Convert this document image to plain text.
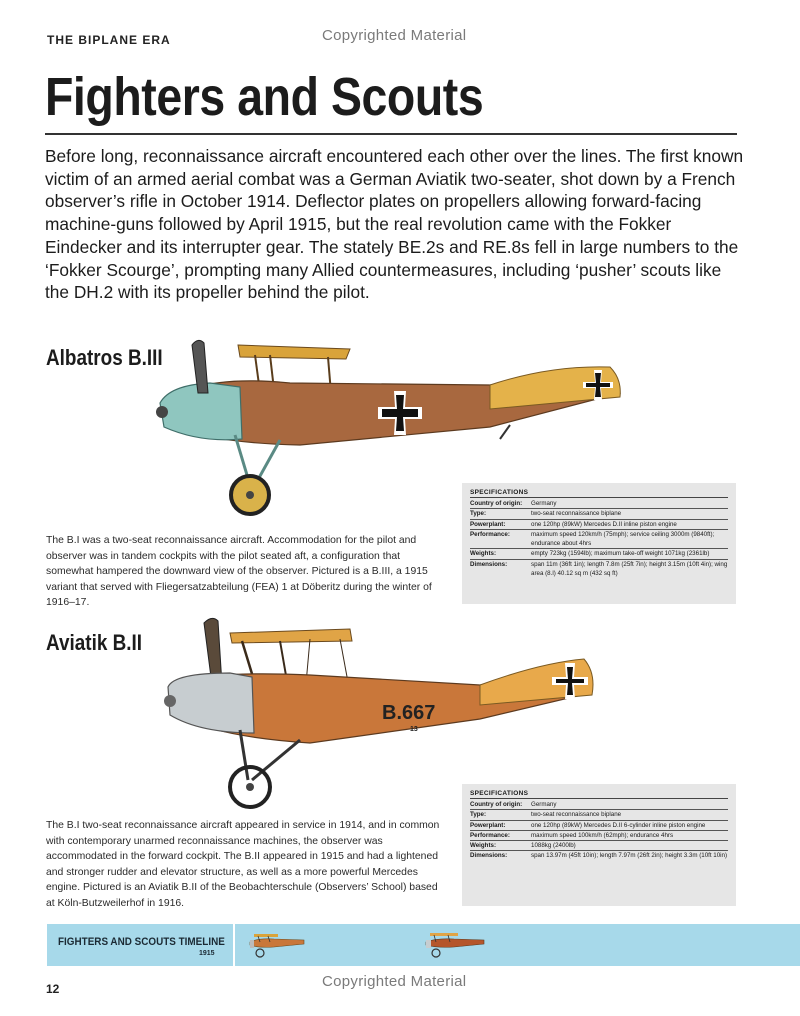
THE BIPLANE ERA	Copyrighted Material
Fighters and Scouts
Before long, reconnaissance aircraft encountered each other over the lines. The first known victim of an armed aerial combat was a German Aviatik two-seater, shot down by a French observer’s rifle in October 1914. Deflector plates on propellers allowing forward-facing machine-guns followed by April 1915, but the real revolution came with the Fokker Eindecker and its interrupter gear. The stately BE.2s and RE.8s fell in large numbers to the ‘Fokker Scourge’, prompting many Allied countermeasures, including ‘pusher’ scouts like the DH.2 with its propeller behind the pilot.
Albatros B.III
The B.I was a two-seat reconnaissance aircraft. Accommodation for the pilot and observer was in tandem cockpits with the pilot seated aft, a configuration that somewhat hampered the downward view of the observer. Pictured is a B.III, a 1915 variant that served with Fliegersatzabteilung (FEA) 1 at Döberitz during the winter of 1916–17.
SPECIFICATIONS
Country of origin:	Germany
Type:	two-seat reconnaissance biplane
Powerplant:	one 120hp (89kW) Mercedes D.II inline piston engine
Performance:	maximum speed 120km/h (75mph); service ceiling 3000m (9840ft); endurance about 4hrs
Weights:	empty 723kg (1594lb); maximum take-off weight 1071kg (2361lb)
Dimensions:	span 11m (36ft 1in); length 7.8m (25ft 7in); height 3.15m (10ft 4in); wing area (8.l) 40.12 sq m (432 sq ft)
Aviatik B.II
B.667
13
The B.I two-seat reconnaissance aircraft appeared in service in 1914, and in common with contemporary unarmed reconnaissance machines, the observer was accommodated in the forward cockpit. The B.II appeared in 1915 and had a lightened and stronger rudder and elevator structure, as well as a more powerful Mercedes engine. Pictured is an Aviatik B.II of the Beobachterschule (Observers’ School) based at Köln-Butzweilerhof in 1916.
SPECIFICATIONS
Country of origin:	Germany
Type:	two-seat reconnaissance biplane
Powerplant:	one 120hp (89kW) Mercedes D.II 6-cylinder inline piston engine
Performance:	maximum speed 100km/h (62mph); endurance 4hrs
Weights:	1088kg (2400lb)
Dimensions:	span 13.97m (45ft 10in); length 7.97m (26ft 2in); height 3.3m (10ft 10in)
FIGHTERS AND SCOUTS TIMELINE
1915
12	Copyrighted Material
